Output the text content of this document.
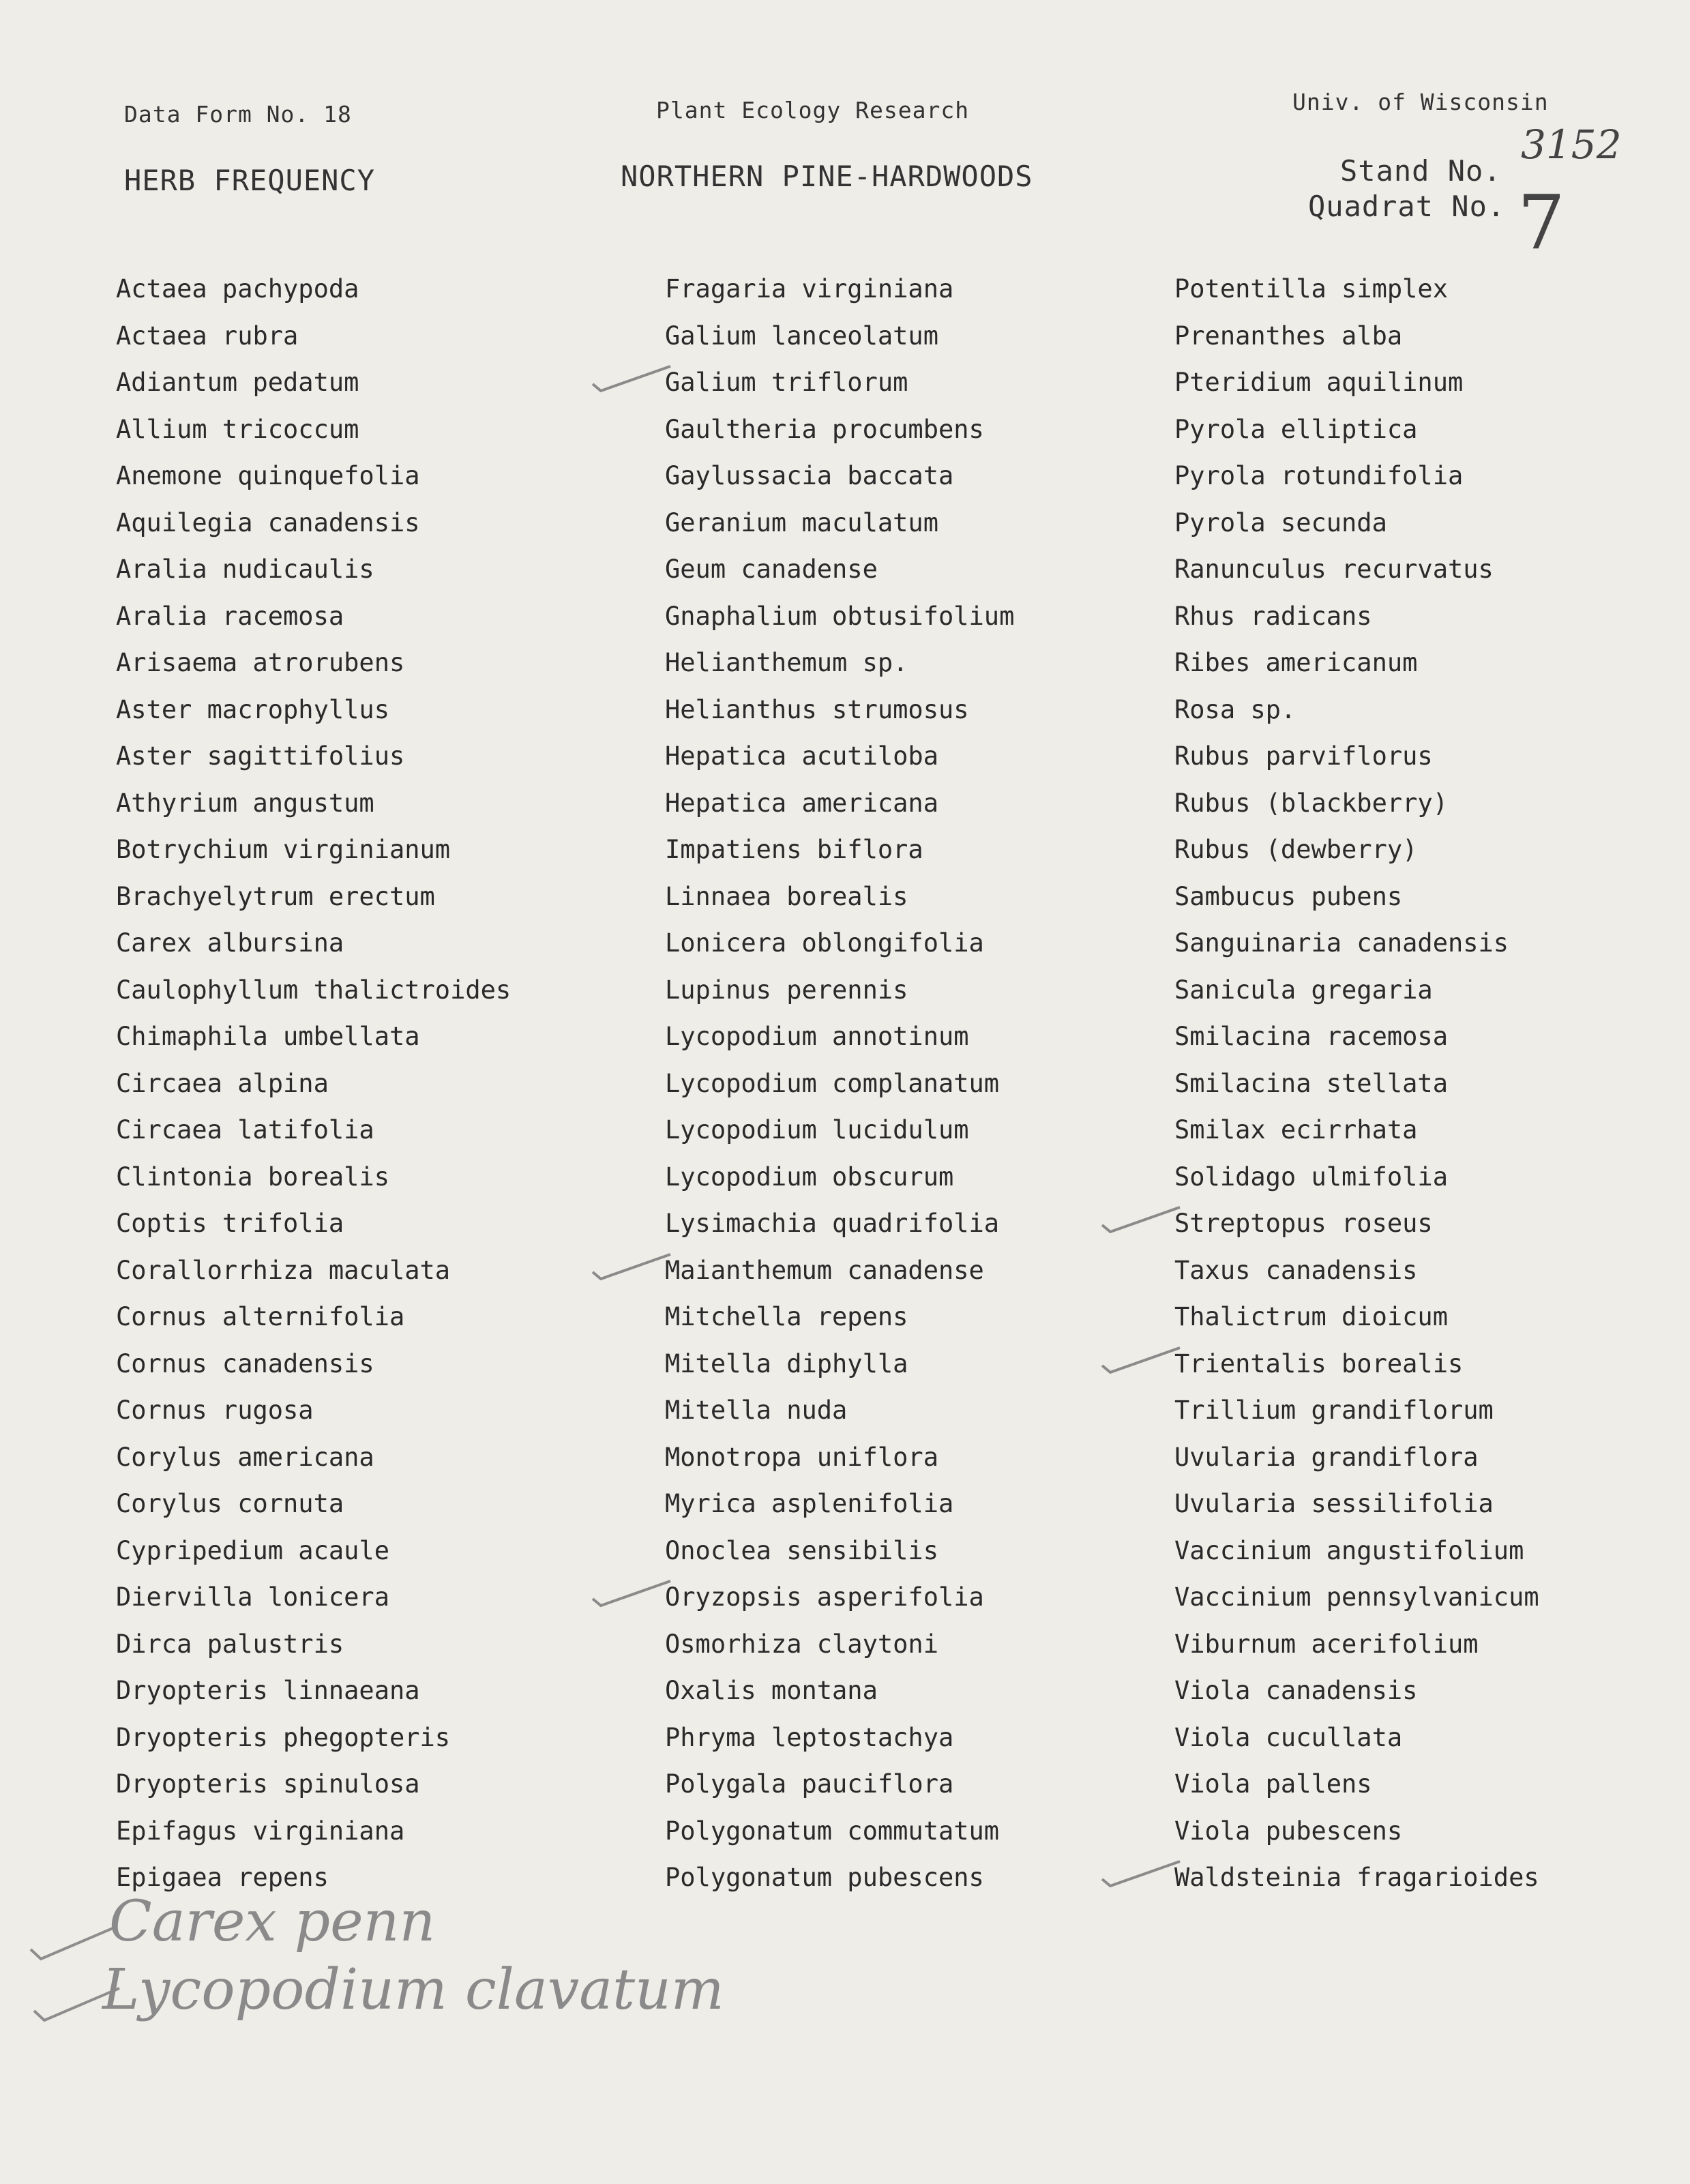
Data Form No. 18	Plant Ecology Research	Univ. of Wisconsin
HERB FREQUENCY	NORTHERN PINE-HARDWOODS	Stand No.
3152
Quadrat No. 7
Actaea pachypoda
Actaea rubra
Adiantum pedatum
Allium tricoccum
Anemone quinquefolia
Aquilegia canadensis
Aralia nudicaulis
Aralia racemosa
Arisaema atrorubens
Aster macrophyllus
Aster sagittifolius
Athyrium angustum
Botrychium virginianum
Brachyelytrum erectum
Carex albursina
Caulophyllum thalictroides
Chimaphila umbellata
Circaea alpina
Circaea latifolia
Clintonia borealis
Coptis trifolia
Corallorrhiza maculata
Cornus alternifolia
Cornus canadensis
Cornus rugosa
Corylus americana
Corylus cornuta
Cypripedium acaule
Diervilla lonicera
Dirca palustris
Dryopteris linnaeana
Dryopteris phegopteris
Dryopteris spinulosa
Epifagus virginiana
Epigaea repens
Fragaria virginiana
Galium lanceolatum
Galium triflorum
Gaultheria procumbens
Gaylussacia baccata
Geranium maculatum
Geum canadense
Gnaphalium obtusifolium
Helianthemum sp.
Helianthus strumosus
Hepatica acutiloba
Hepatica americana
Impatiens biflora
Linnaea borealis
Lonicera oblongifolia
Lupinus perennis
Lycopodium annotinum
Lycopodium complanatum
Lycopodium lucidulum
Lycopodium obscurum
Lysimachia quadrifolia
Maianthemum canadense
Mitchella repens
Mitella diphylla
Mitella nuda
Monotropa uniflora
Myrica asplenifolia
Onoclea sensibilis
Oryzopsis asperifolia
Osmorhiza claytoni
Oxalis montana
Phryma leptostachya
Polygala pauciflora
Polygonatum commutatum
Polygonatum pubescens
Potentilla simplex
Prenanthes alba
Pteridium aquilinum
Pyrola elliptica
Pyrola rotundifolia
Pyrola secunda
Ranunculus recurvatus
Rhus radicans
Ribes americanum
Rosa sp.
Rubus parviflorus
Rubus (blackberry)
Rubus (dewberry)
Sambucus pubens
Sanguinaria canadensis
Sanicula gregaria
Smilacina racemosa
Smilacina stellata
Smilax ecirrhata
Solidago ulmifolia
Streptopus roseus
Taxus canadensis
Thalictrum dioicum
Trientalis borealis
Trillium grandiflorum
Uvularia grandiflora
Uvularia sessilifolia
Vaccinium angustifolium
Vaccinium pennsylvanicum
Viburnum acerifolium
Viola canadensis
Viola cucullata
Viola pallens
Viola pubescens
Waldsteinia fragarioides
Carex penn
Lycopodium clavatum
